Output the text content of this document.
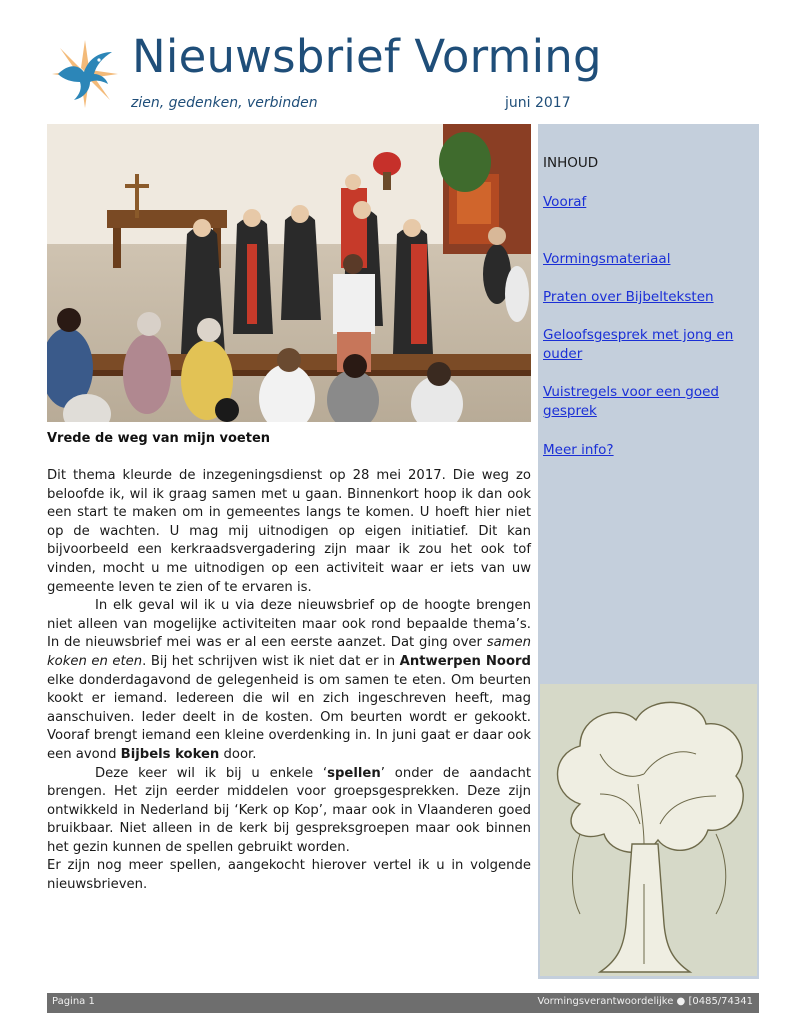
Nieuwsbrief Vorming
zien, gedenken, verbinden	juni 2017
Vrede de weg van mijn voeten

Dit thema kleurde de inzegeningsdienst op 28 mei 2017. Die weg zo beloofde ik, wil ik graag samen met u gaan. Binnenkort hoop ik dan ook een start te maken om in gemeentes langs te komen. U hoeft hier niet op de wachten. U mag mij uitnodigen op eigen initiatief. Dit kan bijvoorbeeld een kerkraadsvergadering zijn maar ik zou het ook tof vinden, mocht u me uitnodigen op een activiteit waar er iets van uw gemeente leven te zien of te ervaren is.

In elk geval wil ik u via deze nieuwsbrief op de hoogte brengen niet alleen van mogelijke activiteiten maar ook rond bepaalde thema’s. In de nieuwsbrief mei was er al een eerste aanzet. Dat ging over samen koken en eten. Bij het schrijven wist ik niet dat er in Antwerpen Noord elke donderdagavond de gelegenheid is om samen te eten. Om beurten kookt er iemand. Iedereen die wil en zich ingeschreven heeft, mag aanschuiven. Ieder deelt in de kosten. Om beurten wordt er gekookt. Vooraf brengt iemand een kleine overdenking in. In juni gaat er daar ook een avond Bijbels koken door.

Deze keer wil ik bij u enkele ‘spellen’ onder de aandacht brengen. Het zijn eerder middelen voor groepsgesprekken. Deze zijn ontwikkeld in Nederland bij ‘Kerk op Kop’, maar ook in Vlaanderen goed bruikbaar. Niet alleen in de kerk bij gespreksgroepen maar ook binnen het gezin kunnen de spellen gebruikt worden.

Er zijn nog meer spellen, aangekocht hierover vertel ik u in volgende nieuwsbrieven.

INHOUD
Vooraf
Vormingsmateriaal
Praten over Bijbelteksten
Geloofsgesprek met jong en ouder
Vuistregels voor een goed gesprek
Meer info?
Pagina 1	Vormingsverantwoordelijke ● [0485/74341
